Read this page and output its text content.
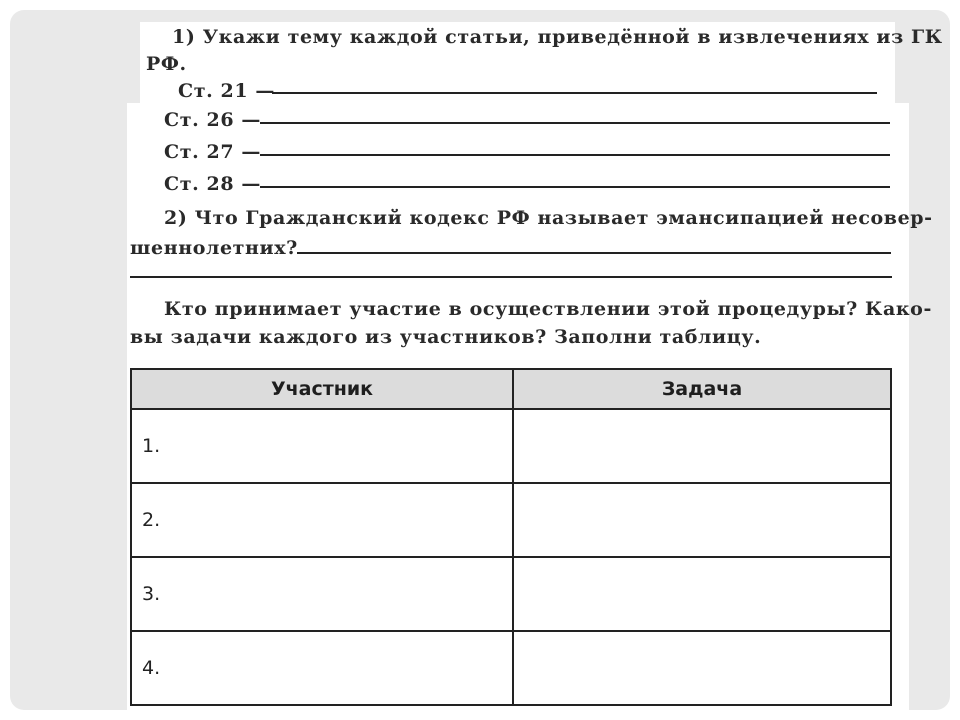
1) Укажи тему каждой статьи, приведённой в извлечениях из ГК
РФ.
Ст. 21 —
Ст. 26 —
Ст. 27 —
Ст. 28 —
2) Что Гражданский кодекс РФ называет эмансипацией несовер-
шеннолетних?
Кто принимает участие в осуществлении этой процедуры? Како-
вы задачи каждого из участников? Заполни таблицу.
Участник	Задача
1.	
2.	
3.	
4.	
